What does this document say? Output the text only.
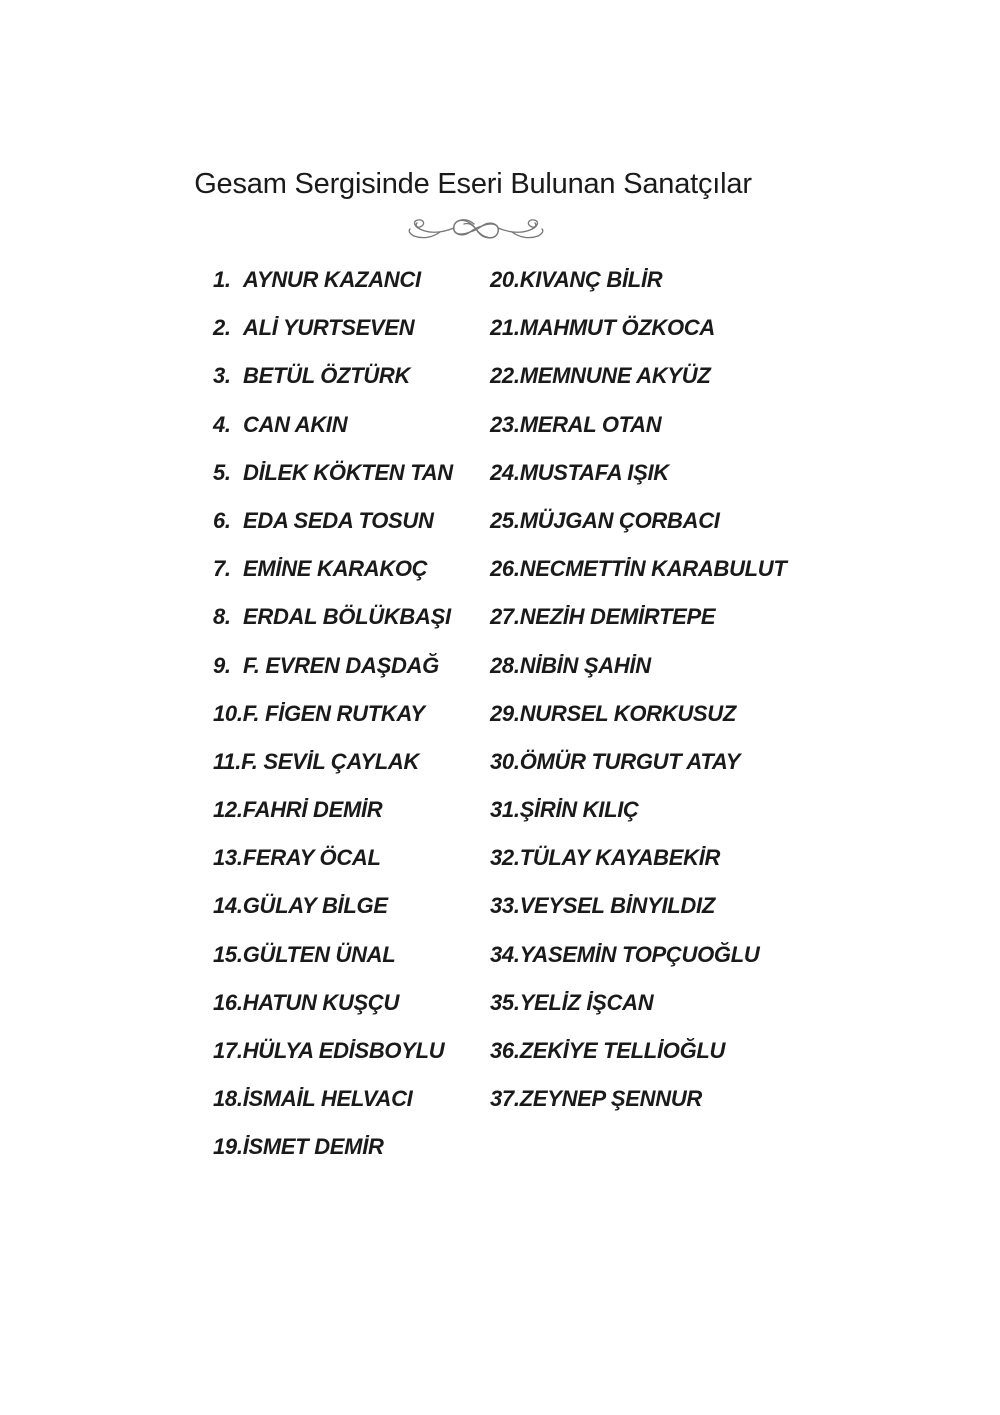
Gesam Sergisinde Eseri Bulunan Sanatçılar
1. AYNUR KAZANCI
2. ALİ YURTSEVEN
3. BETÜL ÖZTÜRK
4. CAN AKIN
5. DİLEK KÖKTEN TAN
6. EDA SEDA TOSUN
7. EMİNE KARAKOÇ
8. ERDAL BÖLÜKBAŞI
9. F. EVREN DAŞDAĞ
10.F. FİGEN RUTKAY
11.F. SEVİL ÇAYLAK
12.FAHRİ DEMİR
13.FERAY ÖCAL
14.GÜLAY BİLGE
15.GÜLTEN ÜNAL
16.HATUN KUŞÇU
17.HÜLYA EDİSBOYLU
18.İSMAİL HELVACI
19.İSMET DEMİR
20.KIVANÇ BİLİR
21.MAHMUT ÖZKOCA
22.MEMNUNE AKYÜZ
23.MERAL OTAN
24.MUSTAFA IŞIK
25.MÜJGAN ÇORBACI
26.NECMETTİN KARABULUT
27.NEZİH DEMİRTEPE
28.NİBİN ŞAHİN
29.NURSEL KORKUSUZ
30.ÖMÜR TURGUT ATAY
31.ŞİRİN KILIÇ
32.TÜLAY KAYABEKİR
33.VEYSEL BİNYILDIZ
34.YASEMİN TOPÇUOĞLU
35.YELİZ İŞCAN
36.ZEKİYE TELLİOĞLU
37.ZEYNEP ŞENNUR
